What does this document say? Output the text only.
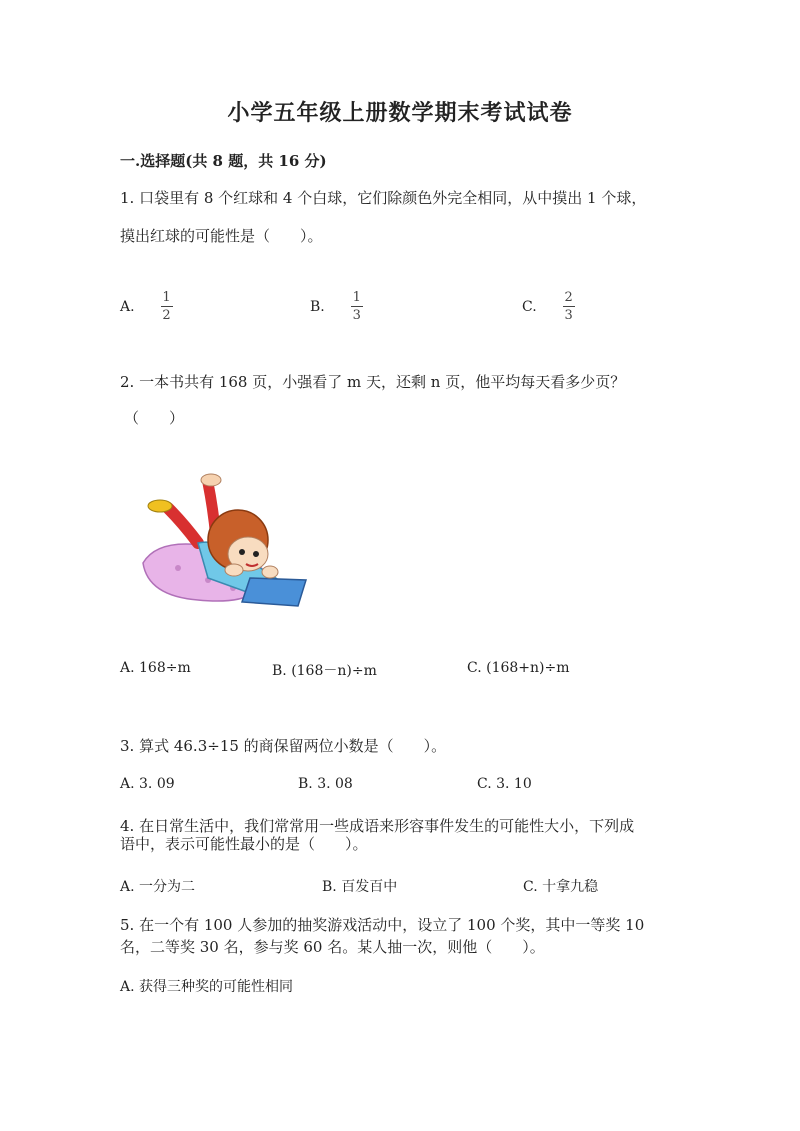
小学五年级上册数学期末考试试卷
一.选择题(共 8 题，共 16 分)
1. 口袋里有 8 个红球和 4 个白球，它们除颜色外完全相同，从中摸出 1 个球，
摸出红球的可能性是（　　）。
A. $\frac{1}{2}$	B. $\frac{1}{3}$	C. $\frac{2}{3}$
2. 一本书共有 168 页，小强看了 m 天，还剩 n 页，他平均每天看多少页？
（　　）
A. 168÷m	B. (168－n)÷m	C. (168+n)÷m
3. 算式 46.3÷15 的商保留两位小数是（　　）。
A. 3. 09	B. 3. 08	C. 3. 10
4. 在日常生活中，我们常常用一些成语来形容事件发生的可能性大小，下列成
语中，表示可能性最小的是（　　）。
A. 一分为二	B. 百发百中	C. 十拿九稳
5. 在一个有 100 人参加的抽奖游戏活动中，设立了 100 个奖，其中一等奖 10
名，二等奖 30 名，参与奖 60 名。某人抽一次，则他（　　）。
A. 获得三种奖的可能性相同
